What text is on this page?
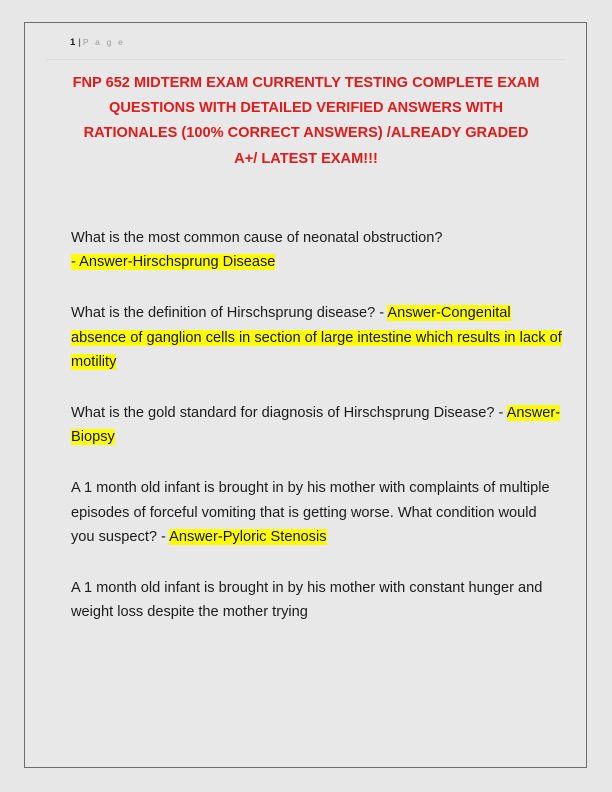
1 | P a g e
FNP 652 MIDTERM EXAM CURRENTLY TESTING COMPLETE EXAM QUESTIONS WITH DETAILED VERIFIED ANSWERS WITH RATIONALES (100% CORRECT ANSWERS) /ALREADY GRADED A+/ LATEST EXAM!!!

What is the most common cause of neonatal obstruction?
- Answer-Hirschsprung Disease

What is the definition of Hirschsprung disease? - Answer-Congenital absence of ganglion cells in section of large intestine which results in lack of motility

What is the gold standard for diagnosis of Hirschsprung Disease? - Answer-Biopsy

A 1 month old infant is brought in by his mother with complaints of multiple episodes of forceful vomiting that is getting worse. What condition would you suspect? - Answer-Pyloric Stenosis

A 1 month old infant is brought in by his mother with constant hunger and weight loss despite the mother trying
